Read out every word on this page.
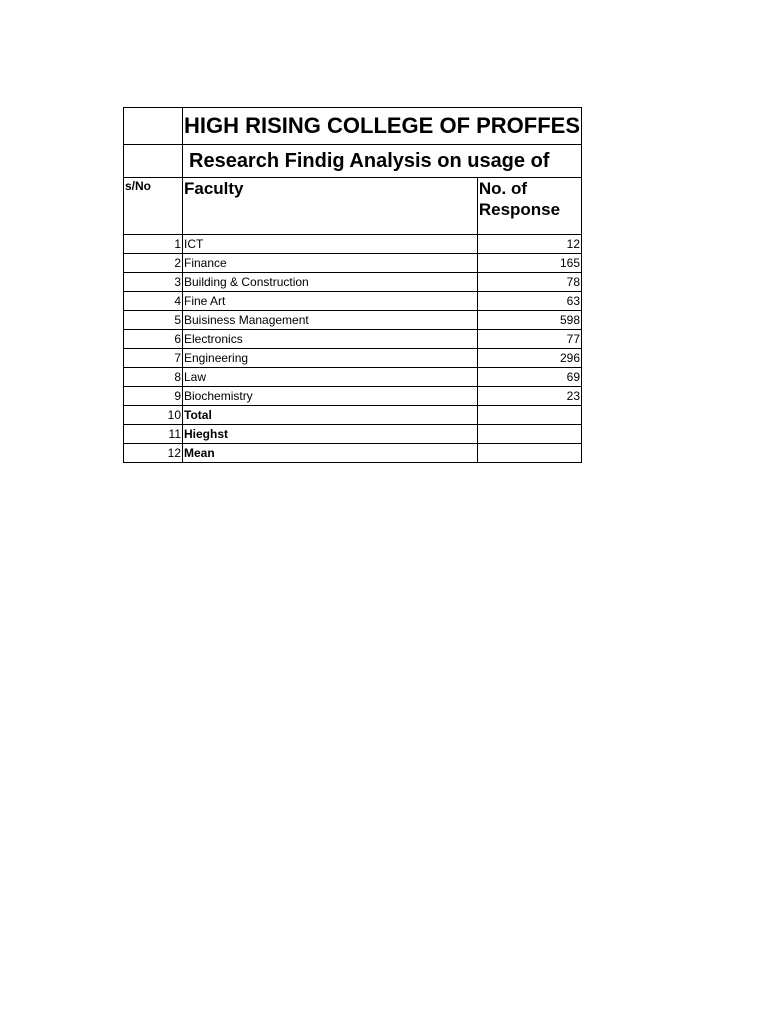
	HIGH RISING COLLEGE OF PROFFES	

	Research Findig Analysis on usage of	

s/No	Faculty	No. of Response

1	ICT	12
2	Finance	165
3	Building & Construction	78
4	Fine Art	63
5	Buisiness Management	598
6	Electronics	77
7	Engineering	296
8	Law	69
9	Biochemistry	23
10	Total	
11	Hieghst	
12	Mean	
